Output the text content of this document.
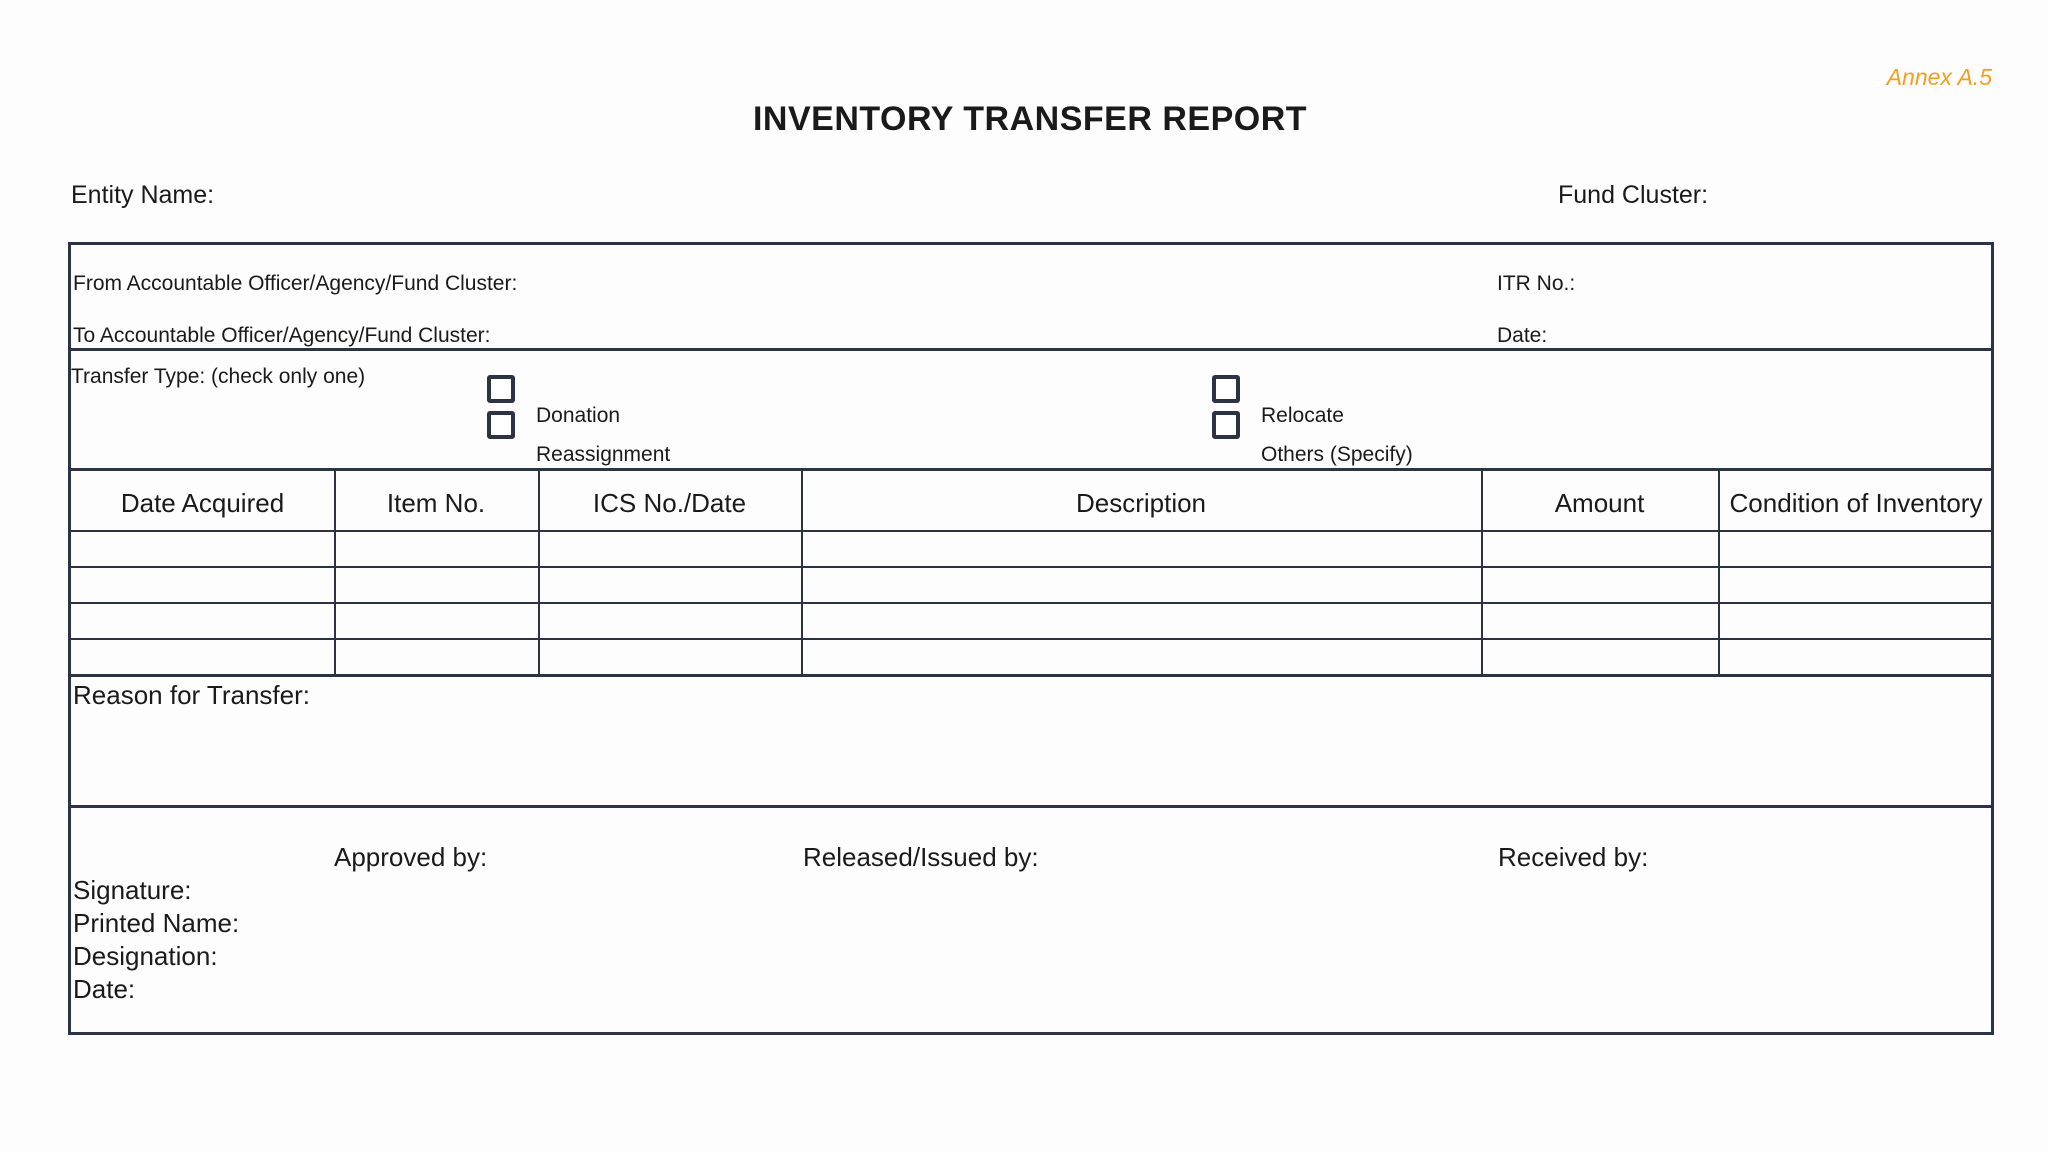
Annex A.5
INVENTORY TRANSFER REPORT
Entity Name:	Fund Cluster:
From Accountable Officer/Agency/Fund Cluster:	ITR No.:
To Accountable Officer/Agency/Fund Cluster:	Date:
Transfer Type: (check only one)
Donation
Reassignment
Relocate
Others (Specify)
Date Acquired	Item No.	ICS No./Date	Description	Amount	Condition of Inventory
Reason for Transfer:
Approved by:	Released/Issued by:	Received by:
Signature:
Printed Name:
Designation:
Date:
